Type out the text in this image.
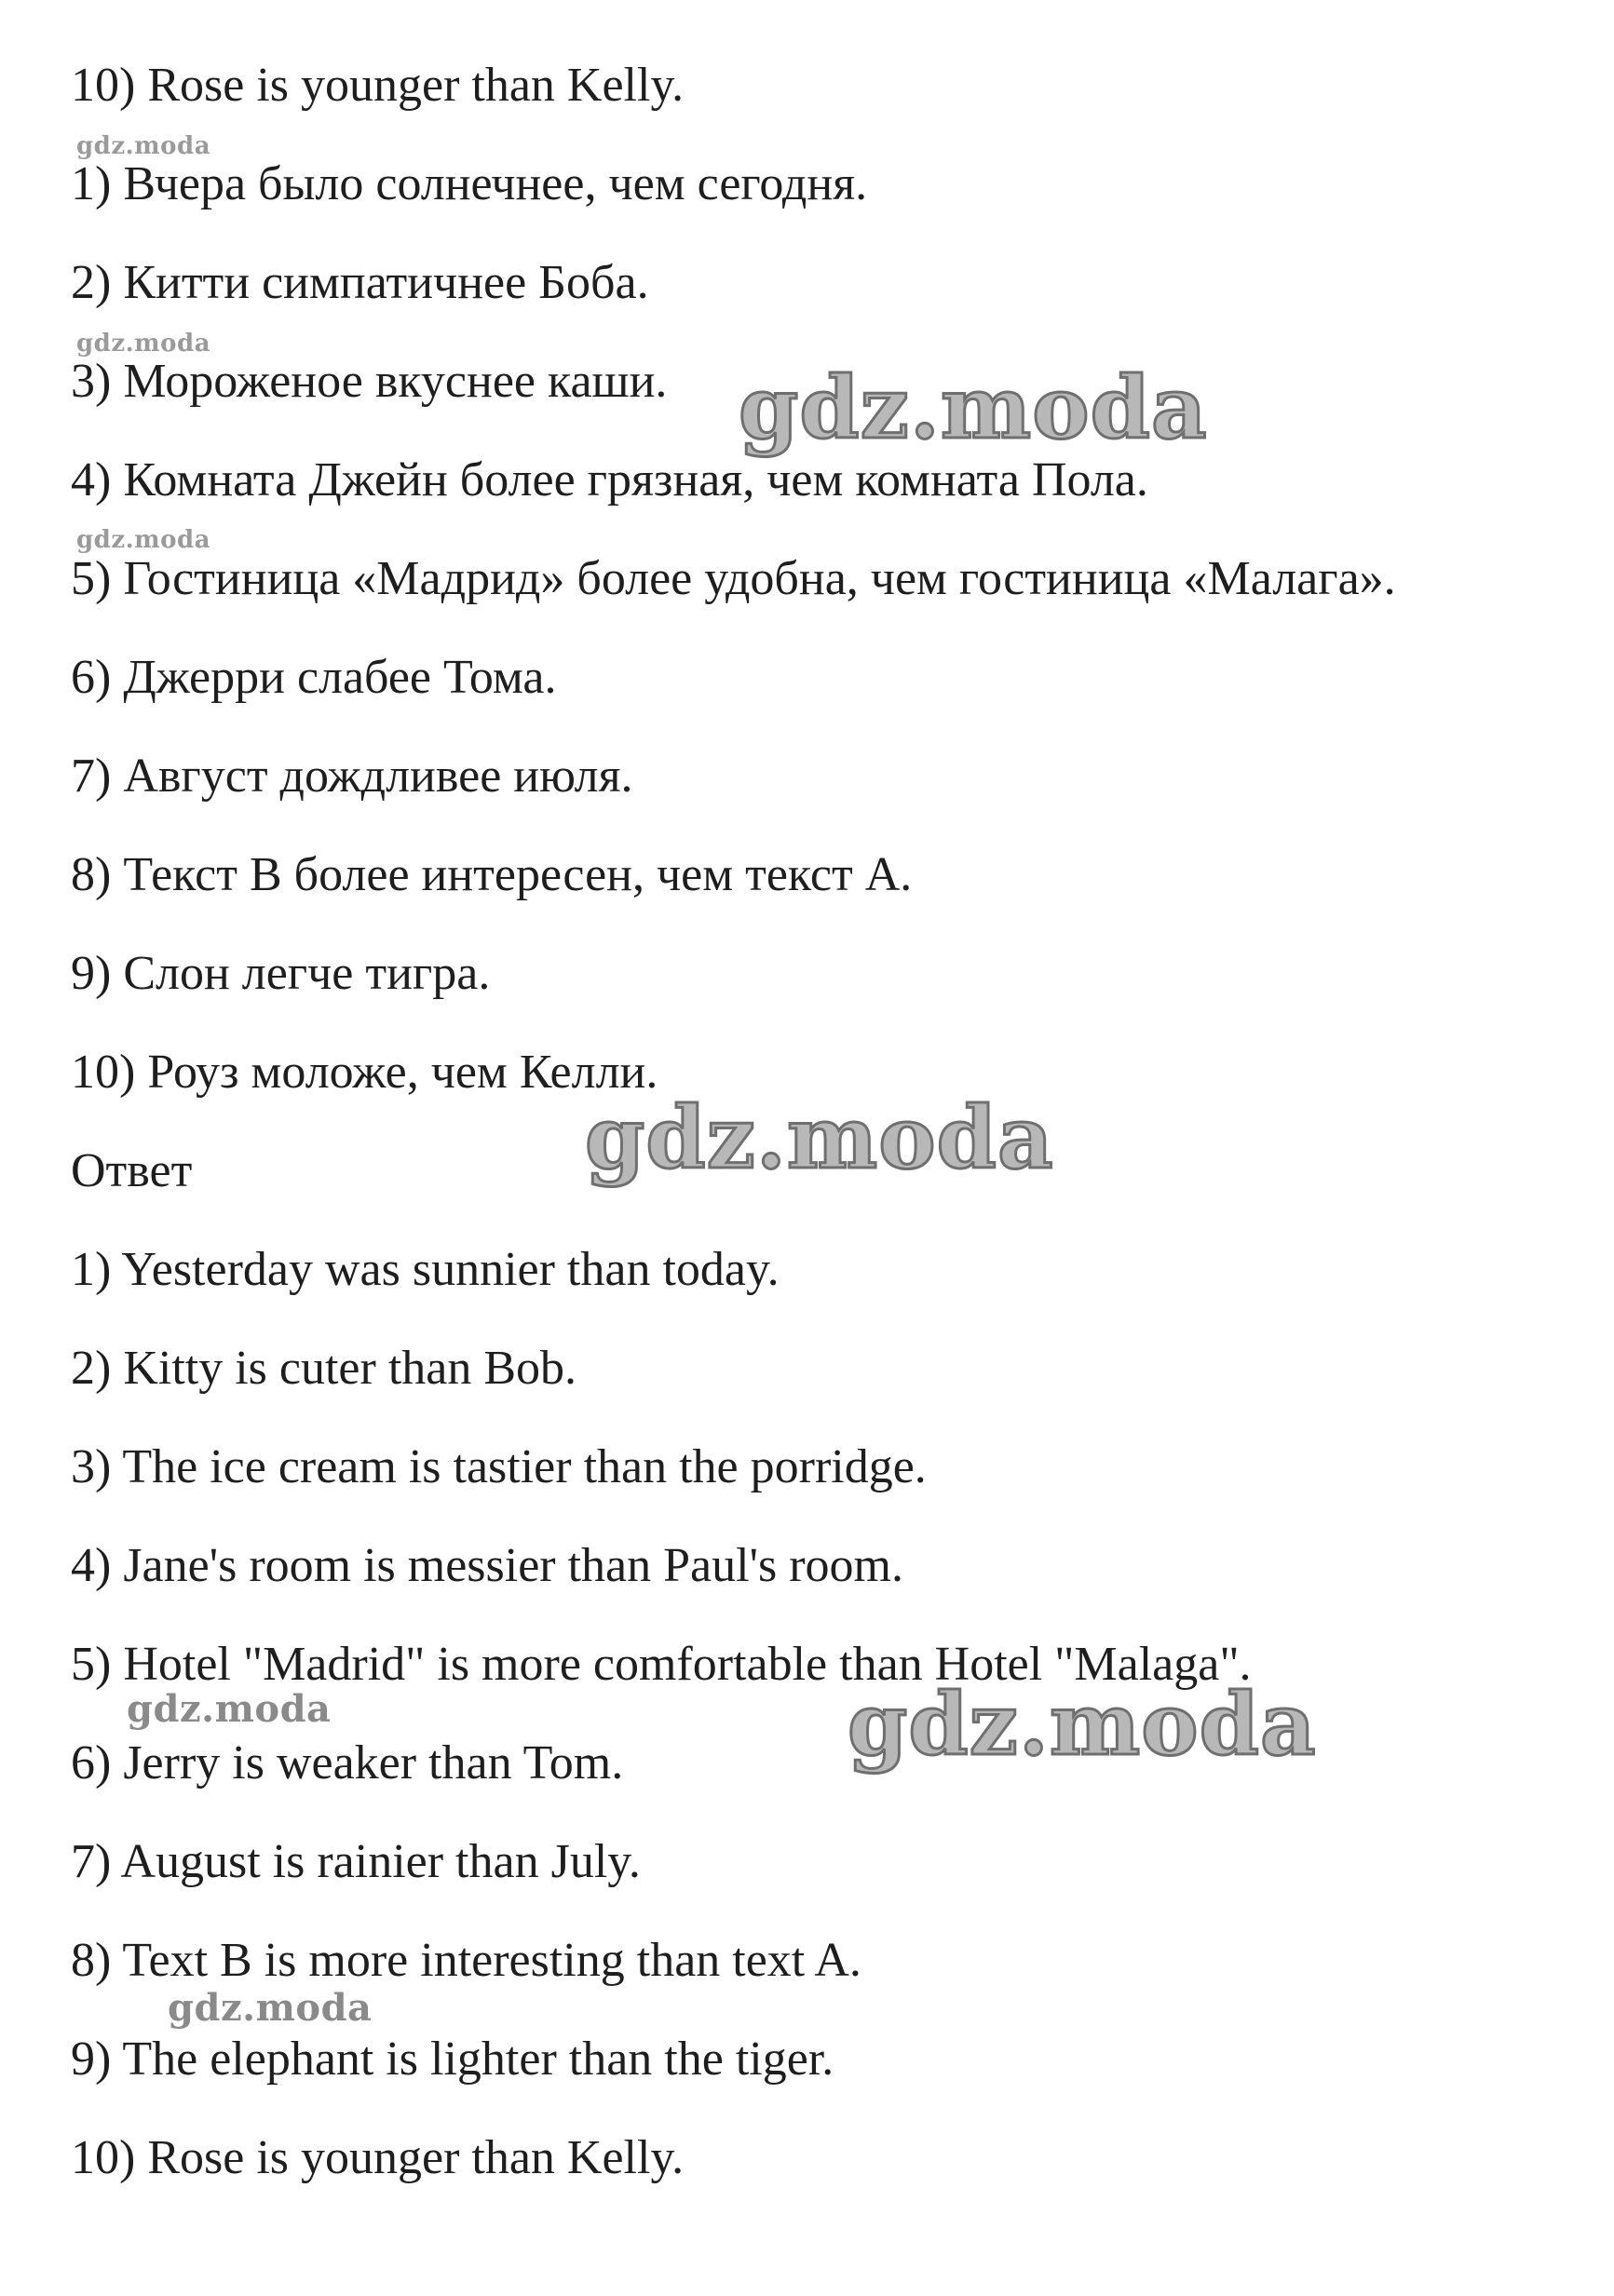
10) Rose is younger than Kelly.

1) Вчера было солнечнее, чем сегодня.

2) Китти симпатичнее Боба.

3) Мороженое вкуснее каши.

4) Комната Джейн более грязная, чем комната Пола.

5) Гостиница «Мадрид» более удобна, чем гостиница «Малага».

6) Джерри слабее Тома.

7) Август дождливее июля.

8) Текст B более интересен, чем текст A.

9) Слон легче тигра.

10) Роуз моложе, чем Келли.

Ответ

1) Yesterday was sunnier than today.

2) Kitty is cuter than Bob.

3) The ice cream is tastier than the porridge.

4) Jane's room is messier than Paul's room.

5) Hotel "Madrid" is more comfortable than Hotel "Malaga".

6) Jerry is weaker than Tom.

7) August is rainier than July.

8) Text B is more interesting than text A.

9) The elephant is lighter than the tiger.

10) Rose is younger than Kelly.

gdz.moda
gdz.moda
gdz.moda
gdz.moda
gdz.moda
gdz.moda
gdz.moda
gdz.moda
